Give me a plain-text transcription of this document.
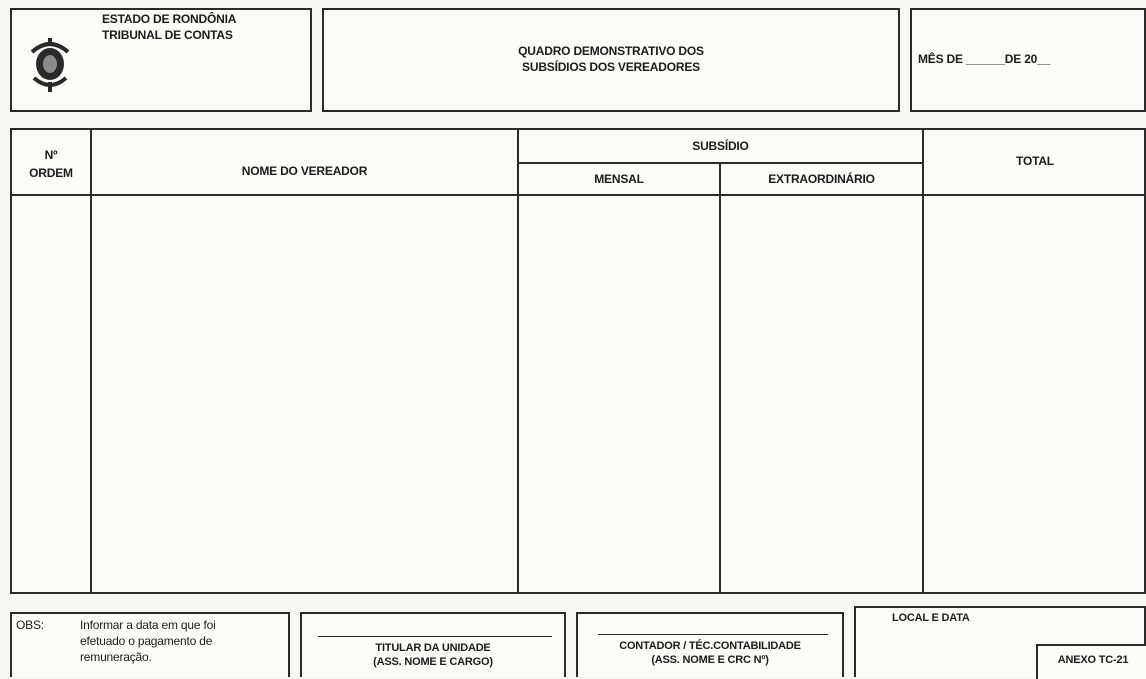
ESTADO DE RONDÔNIA
TRIBUNAL DE CONTAS
QUADRO DEMONSTRATIVO DOS
SUBSÍDIOS DOS VEREADORES
MÊS DE ______DE 20__
Nº
ORDEM	NOME DO VEREADOR
SUBSÍDIO
MENSAL	EXTRAORDINÁRIO
TOTAL
OBS:	Informar a data em que foi
efetuado o pagamento de
remuneração.
TITULAR DA UNIDADE
(ASS. NOME E CARGO)
CONTADOR / TÉC.CONTABILIDADE
(ASS. NOME E CRC Nº)
LOCAL E DATA
ANEXO TC-21
